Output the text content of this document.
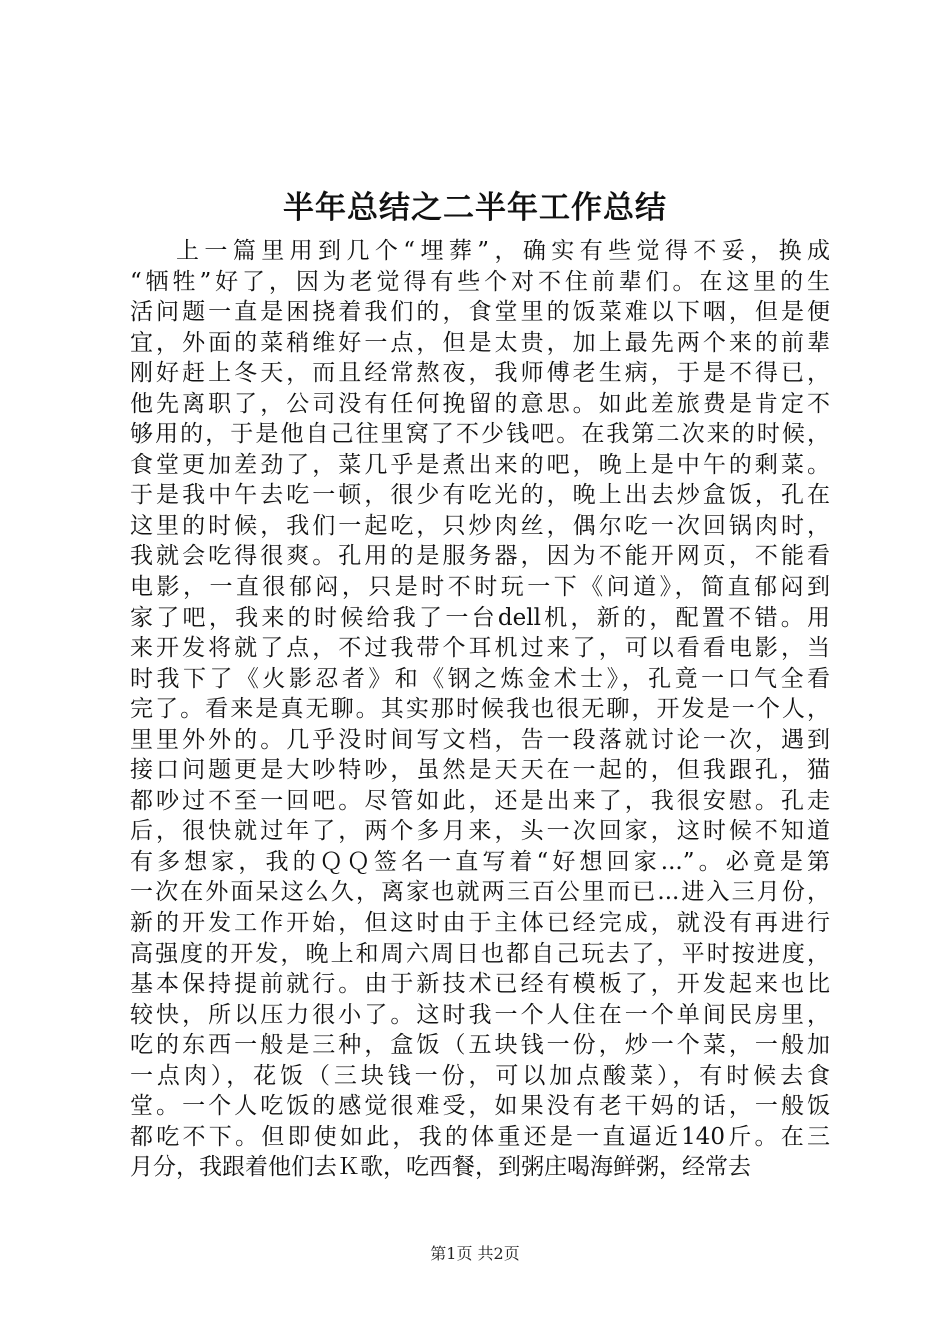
半年总结之二半年工作总结
上一篇里用到几个“埋葬”，确实有些觉得不妥，换成
“牺牲”好了，因为老觉得有些个对不住前辈们。在这里的生
活问题一直是困挠着我们的，食堂里的饭菜难以下咽，但是便
宜，外面的菜稍维好一点，但是太贵，加上最先两个来的前辈
刚好赶上冬天，而且经常熬夜，我师傅老生病，于是不得已，
他先离职了，公司没有任何挽留的意思。如此差旅费是肯定不
够用的，于是他自己往里窝了不少钱吧。在我第二次来的时候，
食堂更加差劲了，菜几乎是煮出来的吧，晚上是中午的剩菜。
于是我中午去吃一顿，很少有吃光的，晚上出去炒盒饭，孔在
这里的时候，我们一起吃，只炒肉丝，偶尔吃一次回锅肉时，
我就会吃得很爽。孔用的是服务器，因为不能开网页，不能看
电影，一直很郁闷，只是时不时玩一下《问道》，简直郁闷到
家了吧，我来的时候给我了一台dell机，新的，配置不错。用
来开发将就了点，不过我带个耳机过来了，可以看看电影，当
时我下了《火影忍者》和《钢之炼金术士》，孔竟一口气全看
完了。看来是真无聊。其实那时候我也很无聊，开发是一个人，
里里外外的。几乎没时间写文档，告一段落就讨论一次，遇到
接口问题更是大吵特吵，虽然是天天在一起的，但我跟孔，猫
都吵过不至一回吧。尽管如此，还是出来了，我很安慰。孔走
后，很快就过年了，两个多月来，头一次回家，这时候不知道
有多想家，我的ＱＱ签名一直写着“好想回家...”。必竟是第
一次在外面呆这么久，离家也就两三百公里而已...进入三月份，
新的开发工作开始，但这时由于主体已经完成，就没有再进行
高强度的开发，晚上和周六周日也都自己玩去了，平时按进度，
基本保持提前就行。由于新技术已经有模板了，开发起来也比
较快，所以压力很小了。这时我一个人住在一个单间民房里，
吃的东西一般是三种，盒饭（五块钱一份，炒一个菜，一般加
一点肉），花饭（三块钱一份，可以加点酸菜），有时候去食
堂。一个人吃饭的感觉很难受，如果没有老干妈的话，一般饭
都吃不下。但即使如此，我的体重还是一直逼近140斤。在三
月分，我跟着他们去Ｋ歌，吃西餐，到粥庄喝海鲜粥，经常去
第1页 共2页
